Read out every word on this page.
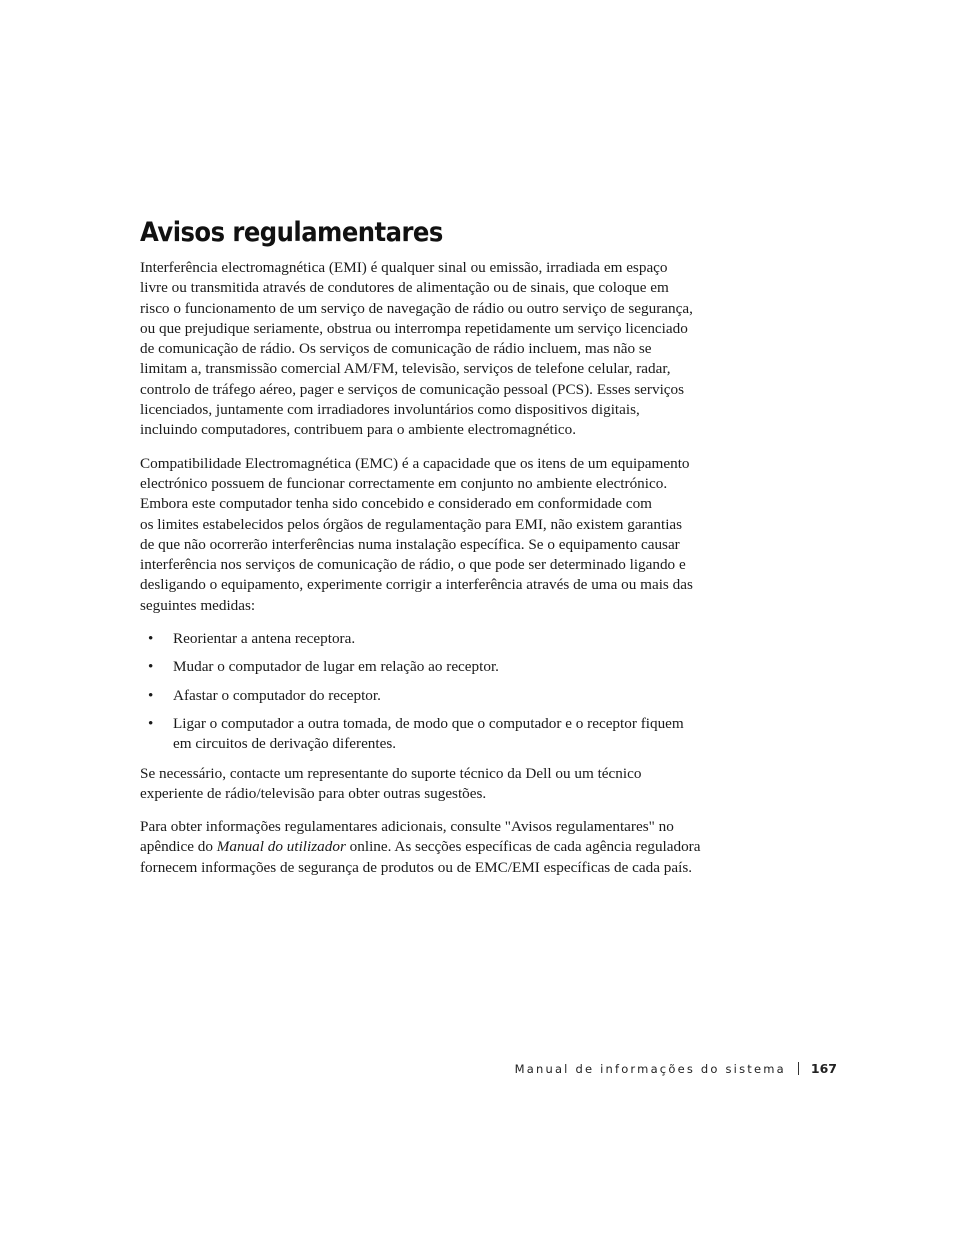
Avisos regulamentares

Interferência electromagnética (EMI) é qualquer sinal ou emissão, irradiada em espaço
livre ou transmitida através de condutores de alimentação ou de sinais, que coloque em
risco o funcionamento de um serviço de navegação de rádio ou outro serviço de segurança,
ou que prejudique seriamente, obstrua ou interrompa repetidamente um serviço licenciado
de comunicação de rádio. Os serviços de comunicação de rádio incluem, mas não se
limitam a, transmissão comercial AM/FM, televisão, serviços de telefone celular, radar,
controlo de tráfego aéreo, pager e serviços de comunicação pessoal (PCS). Esses serviços
licenciados, juntamente com irradiadores involuntários como dispositivos digitais,
incluindo computadores, contribuem para o ambiente electromagnético.

Compatibilidade Electromagnética (EMC) é a capacidade que os itens de um equipamento
electrónico possuem de funcionar correctamente em conjunto no ambiente electrónico.
Embora este computador tenha sido concebido e considerado em conformidade com
os limites estabelecidos pelos órgãos de regulamentação para EMI, não existem garantias
de que não ocorrerão interferências numa instalação específica. Se o equipamento causar
interferência nos serviços de comunicação de rádio, o que pode ser determinado ligando e
desligando o equipamento, experimente corrigir a interferência através de uma ou mais das
seguintes medidas:

• Reorientar a antena receptora.
• Mudar o computador de lugar em relação ao receptor.
• Afastar o computador do receptor.
• Ligar o computador a outra tomada, de modo que o computador e o receptor fiquem
em circuitos de derivação diferentes.

Se necessário, contacte um representante do suporte técnico da Dell ou um técnico
experiente de rádio/televisão para obter outras sugestões.

Para obter informações regulamentares adicionais, consulte "Avisos regulamentares" no
apêndice do Manual do utilizador online. As secções específicas de cada agência reguladora
fornecem informações de segurança de produtos ou de EMC/EMI específicas de cada país.

Manual de informações do sistema 167
